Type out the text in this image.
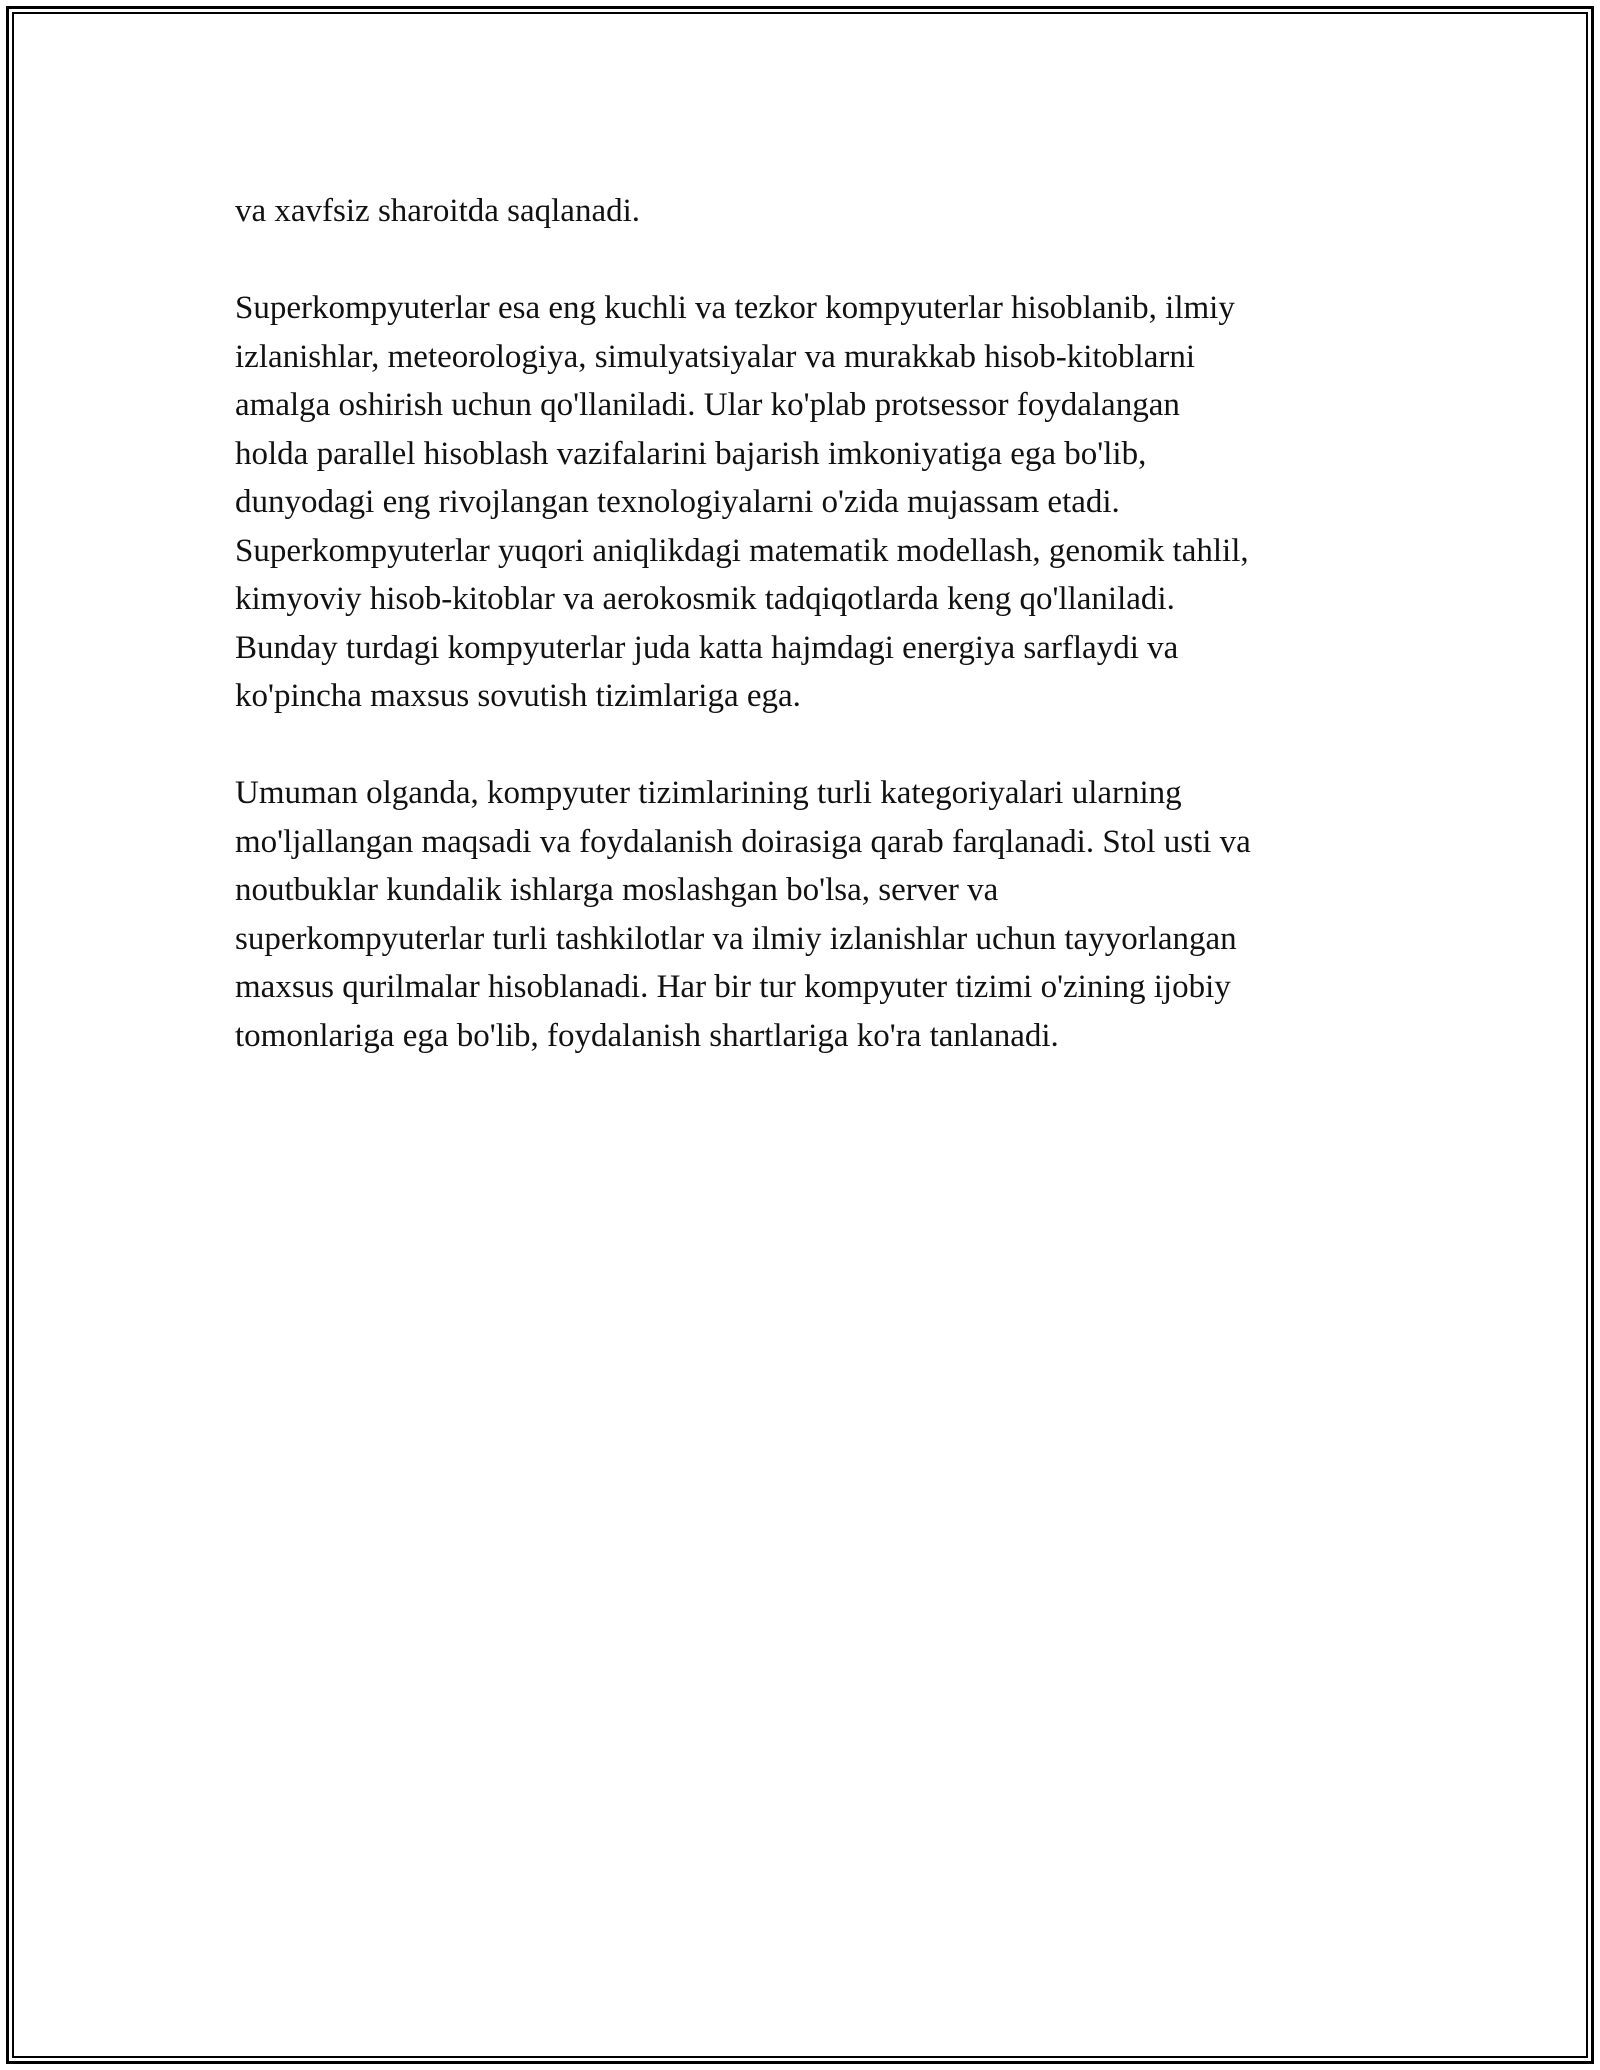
va xavfsiz sharoitda saqlanadi.

Superkompyuterlar esa eng kuchli va tezkor kompyuterlar hisoblanib, ilmiy
izlanishlar, meteorologiya, simulyatsiyalar va murakkab hisob-kitoblarni
amalga oshirish uchun qo'llaniladi. Ular ko'plab protsessor foydalangan
holda parallel hisoblash vazifalarini bajarish imkoniyatiga ega bo'lib,
dunyodagi eng rivojlangan texnologiyalarni o'zida mujassam etadi.
Superkompyuterlar yuqori aniqlikdagi matematik modellash, genomik tahlil,
kimyoviy hisob-kitoblar va aerokosmik tadqiqotlarda keng qo'llaniladi.
Bunday turdagi kompyuterlar juda katta hajmdagi energiya sarflaydi va
ko'pincha maxsus sovutish tizimlariga ega.

Umuman olganda, kompyuter tizimlarining turli kategoriyalari ularning
mo'ljallangan maqsadi va foydalanish doirasiga qarab farqlanadi. Stol usti va
noutbuklar kundalik ishlarga moslashgan bo'lsa, server va
superkompyuterlar turli tashkilotlar va ilmiy izlanishlar uchun tayyorlangan
maxsus qurilmalar hisoblanadi. Har bir tur kompyuter tizimi o'zining ijobiy
tomonlariga ega bo'lib, foydalanish shartlariga ko'ra tanlanadi.
